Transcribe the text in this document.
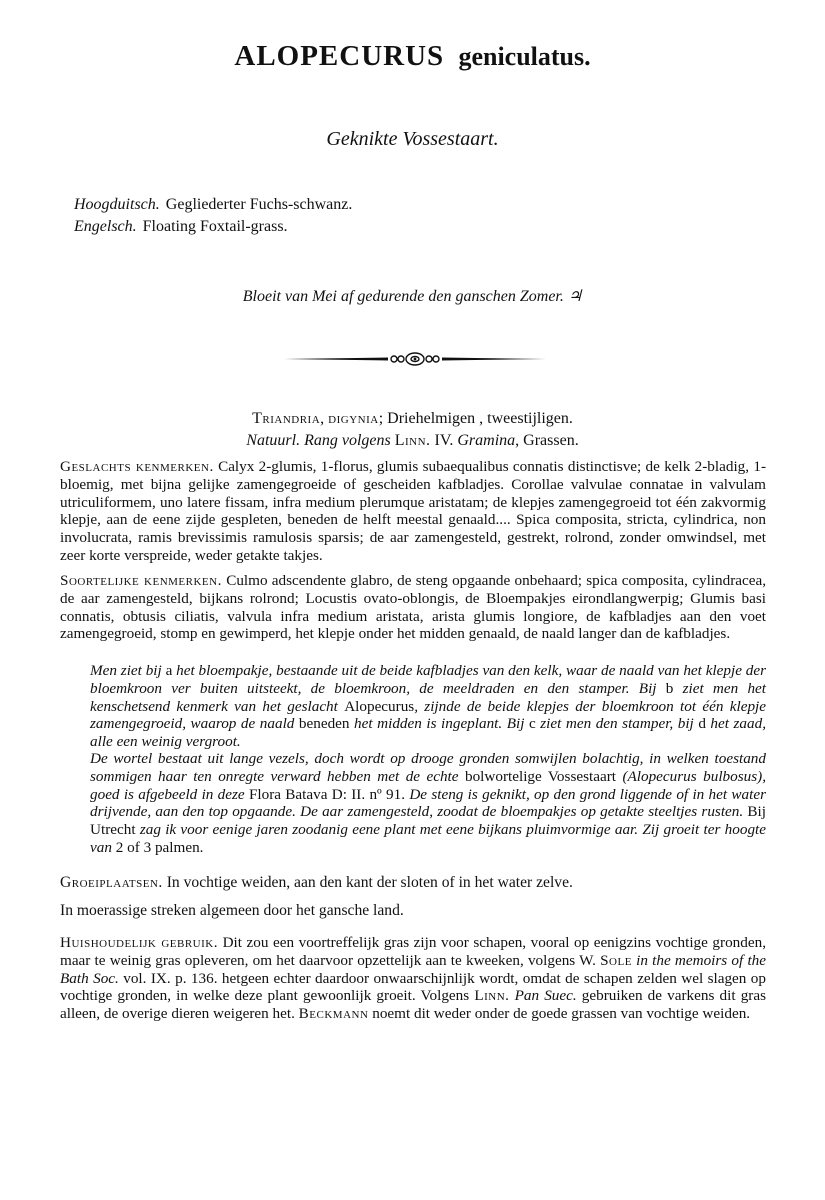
ALOPECURUS geniculatus.
Geknikte Vossestaart.
Hoogduitsch. Gegliederter Fuchs-schwanz.
Engelsch. Floating Foxtail-grass.
Bloeit van Mei af gedurende den ganschen Zomer. ♃
Triandria, digynia; Driehelmigen , tweestijligen.
Natuurl. Rang volgens Linn. IV. Gramina, Grassen.
Geslachts kenmerken. Calyx 2-glumis, 1-florus, glumis subaequalibus connatis distinctisve; de kelk 2-bladig, 1-bloemig, met bijna gelijke zamengegroeide of gescheiden kafbladjes. Corollae valvulae connatae in valvulam utriculiformem, uno latere fissam, infra medium plerumque aristatam; de klepjes zamengegroeid tot één zakvormig klepje, aan de eene zijde gespleten, beneden de helft meestal genaald.... Spica composita, stricta, cylindrica, non involucrata, ramis brevissimis ramulosis sparsis; de aar zamengesteld, gestrekt, rolrond, zonder omwindsel, met zeer korte verspreide, weder getakte takjes.
Soortelijke kenmerken. Culmo adscendente glabro, de steng opgaande onbehaard; spica composita, cylindracea, de aar zamengesteld, bijkans rolrond; Locustis ovato-oblongis, de Bloempakjes eirondlangwerpig; Glumis basi connatis, obtusis ciliatis, valvula infra medium aristata, arista glumis longiore, de kafbladjes aan den voet zamengegroeid, stomp en gewimperd, het klepje onder het midden genaald, de naald langer dan de kafbladjes.
Men ziet bij a het bloempakje, bestaande uit de beide kafbladjes van den kelk, waar de naald van het klepje der bloemkroon ver buiten uitsteekt, de bloemkroon, de meeldraden en den stamper. Bij b ziet men het kenschetsend kenmerk van het geslacht Alopecurus, zijnde de beide klepjes der bloemkroon tot één klepje zamengegroeid, waarop de naald beneden het midden is ingeplant. Bij c ziet men den stamper, bij d het zaad, alle een weinig vergroot.
De wortel bestaat uit lange vezels, doch wordt op drooge gronden somwijlen bolachtig, in welken toestand sommigen haar ten onregte verward hebben met de echte bolwortelige Vossestaart (Alopecurus bulbosus), goed is afgebeeld in deze Flora Batava D: II. nº 91. De steng is geknikt, op den grond liggende of in het water drijvende, aan den top opgaande. De aar zamengesteld, zoodat de bloempakjes op getakte steeltjes rusten. Bij Utrecht zag ik voor eenige jaren zoodanig eene plant met eene bijkans pluimvormige aar. Zij groeit ter hoogte van 2 of 3 palmen.
Groeiplaatsen. In vochtige weiden, aan den kant der sloten of in het water zelve.
In moerassige streken algemeen door het gansche land.
Huishoudelijk gebruik. Dit zou een voortreffelijk gras zijn voor schapen, vooral op eenigzins vochtige gronden, maar te weinig gras opleveren, om het daarvoor opzettelijk aan te kweeken, volgens W. Sole in the memoirs of the Bath Soc. vol. IX. p. 136. hetgeen echter daardoor onwaarschijnlijk wordt, omdat de schapen zelden wel slagen op vochtige gronden, in welke deze plant gewoonlijk groeit. Volgens Linn. Pan Suec. gebruiken de varkens dit gras alleen, de overige dieren weigeren het. Beckmann noemt dit weder onder de goede grassen van vochtige weiden.
